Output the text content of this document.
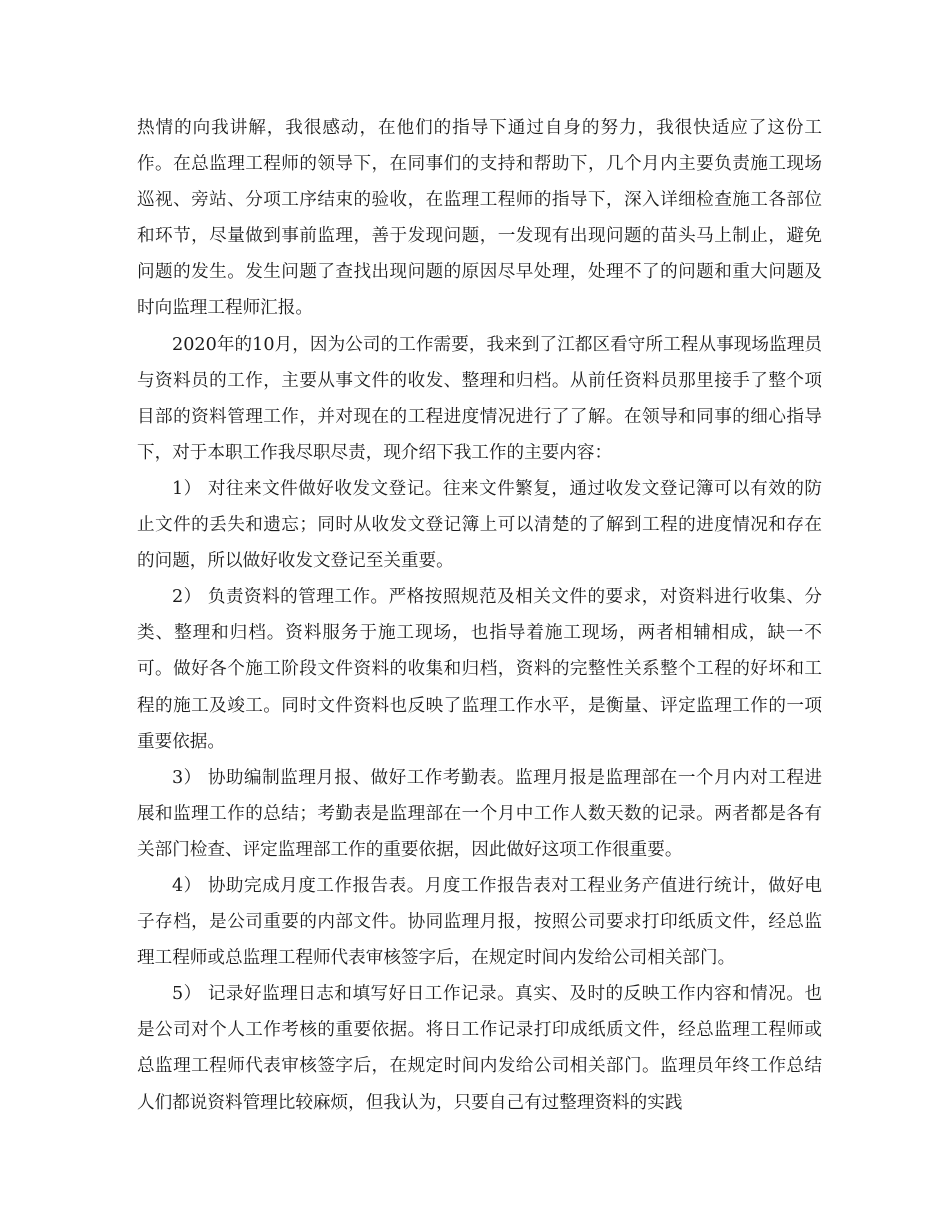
热情的向我讲解，我很感动，在他们的指导下通过自身的努力，我很快适应了这份工作。在总监理工程师的领导下，在同事们的支持和帮助下，几个月内主要负责施工现场巡视、旁站、分项工序结束的验收，在监理工程师的指导下，深入详细检查施工各部位和环节，尽量做到事前监理，善于发现问题，一发现有出现问题的苗头马上制止，避免问题的发生。发生问题了查找出现问题的原因尽早处理，处理不了的问题和重大问题及时向监理工程师汇报。

2020年的10月，因为公司的工作需要，我来到了江都区看守所工程从事现场监理员与资料员的工作，主要从事文件的收发、整理和归档。从前任资料员那里接手了整个项目部的资料管理工作，并对现在的工程进度情况进行了了解。在领导和同事的细心指导下，对于本职工作我尽职尽责，现介绍下我工作的主要内容：

1） 对往来文件做好收发文登记。往来文件繁复，通过收发文登记簿可以有效的防止文件的丢失和遗忘；同时从收发文登记簿上可以清楚的了解到工程的进度情况和存在的问题，所以做好收发文登记至关重要。

2） 负责资料的管理工作。严格按照规范及相关文件的要求，对资料进行收集、分类、整理和归档。资料服务于施工现场，也指导着施工现场，两者相辅相成，缺一不可。做好各个施工阶段文件资料的收集和归档，资料的完整性关系整个工程的好坏和工程的施工及竣工。同时文件资料也反映了监理工作水平，是衡量、评定监理工作的一项重要依据。

3） 协助编制监理月报、做好工作考勤表。监理月报是监理部在一个月内对工程进展和监理工作的总结；考勤表是监理部在一个月中工作人数天数的记录。两者都是各有关部门检查、评定监理部工作的重要依据，因此做好这项工作很重要。

4） 协助完成月度工作报告表。月度工作报告表对工程业务产值进行统计，做好电子存档，是公司重要的内部文件。协同监理月报，按照公司要求打印纸质文件，经总监理工程师或总监理工程师代表审核签字后，在规定时间内发给公司相关部门。

5） 记录好监理日志和填写好日工作记录。真实、及时的反映工作内容和情况。也是公司对个人工作考核的重要依据。将日工作记录打印成纸质文件，经总监理工程师或总监理工程师代表审核签字后，在规定时间内发给公司相关部门。监理员年终工作总结人们都说资料管理比较麻烦，但我认为，只要自己有过整理资料的实践
